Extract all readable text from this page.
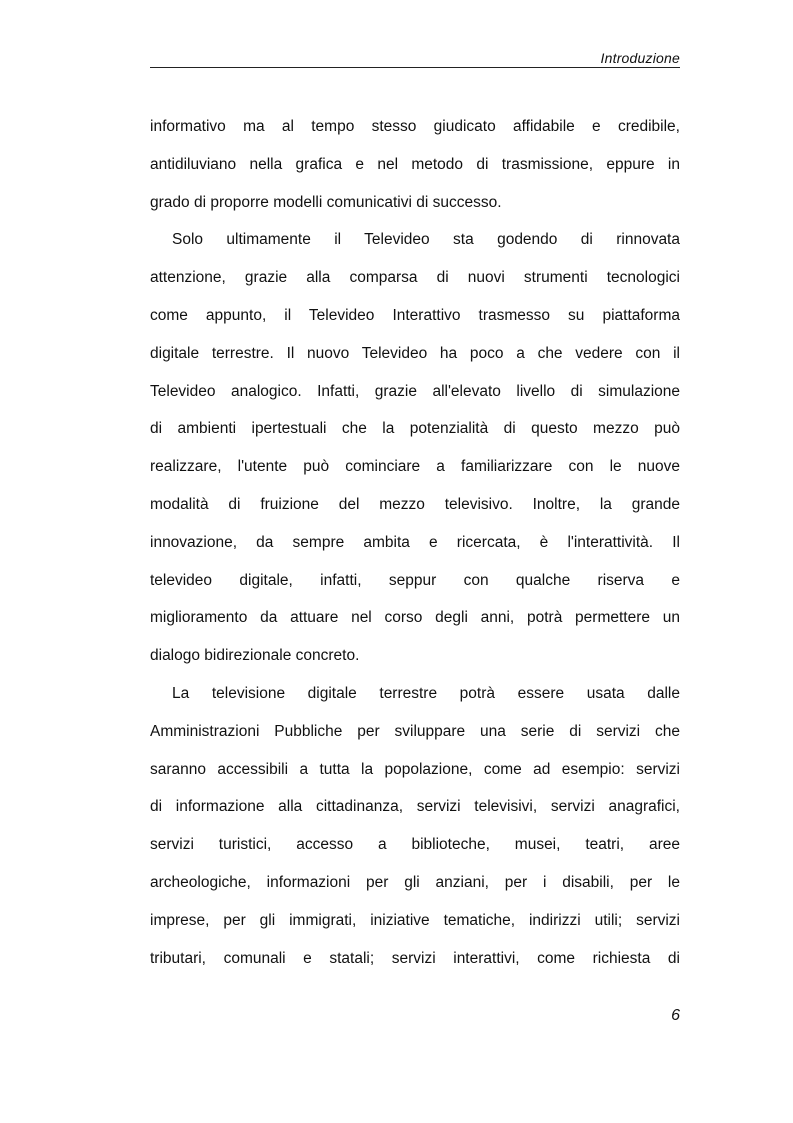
Introduzione
informativo ma al tempo stesso giudicato affidabile e credibile,
antidiluviano nella grafica e nel metodo di trasmissione, eppure in
grado di proporre modelli comunicativi di successo.
Solo ultimamente il Televideo sta godendo di rinnovata
attenzione, grazie alla comparsa di nuovi strumenti tecnologici
come appunto, il Televideo Interattivo trasmesso su piattaforma
digitale terrestre. Il nuovo Televideo ha poco a che vedere con il
Televideo analogico. Infatti, grazie all'elevato livello di simulazione
di ambienti ipertestuali che la potenzialità di questo mezzo può
realizzare, l'utente può cominciare a familiarizzare con le nuove
modalità di fruizione del mezzo televisivo. Inoltre, la grande
innovazione, da sempre ambita e ricercata, è l'interattività. Il
televideo digitale, infatti, seppur con qualche riserva e
miglioramento da attuare nel corso degli anni, potrà permettere un
dialogo bidirezionale concreto.
La televisione digitale terrestre potrà essere usata dalle
Amministrazioni Pubbliche per sviluppare una serie di servizi che
saranno accessibili a tutta la popolazione, come ad esempio: servizi
di informazione alla cittadinanza, servizi televisivi, servizi anagrafici,
servizi turistici, accesso a biblioteche, musei, teatri, aree
archeologiche, informazioni per gli anziani, per i disabili, per le
imprese, per gli immigrati, iniziative tematiche, indirizzi utili; servizi
tributari, comunali e statali; servizi interattivi, come richiesta di
6
